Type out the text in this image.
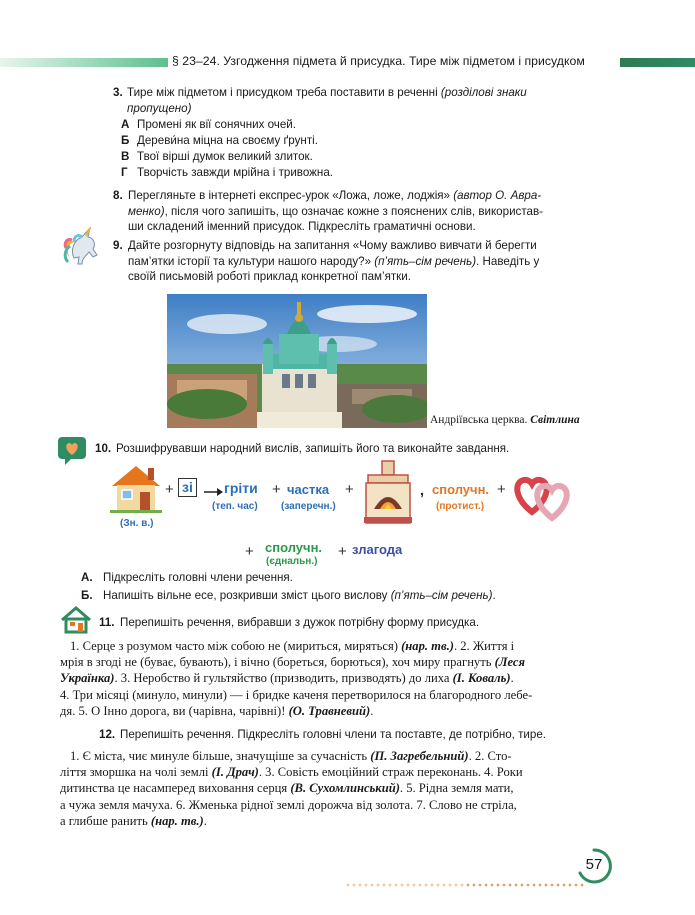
§ 23–24. Узгодження підмета й присудка. Тире між підметом і присудком
3. Тире між підметом і присудком треба поставити в реченні (розділові знаки пропущено)
А Промені як вії сонячних очей.
Б Дереви́на міцна на своєму ґрунті.
В Твої вірші думок великий злиток.
Г Творчість завжди мрійна і тривожна.
8. Перегляньте в інтернеті експрес-урок «Ложа, ложе, лоджія» (автор О. Авра-
менко), після чого запишіть, що означає кожне з пояснених слів, використав-
ши складений іменний присудок. Підкресліть граматичні основи.
9. Дайте розгорнуту відповідь на запитання «Чому важливо вивчати й берегти
пам’ятки історії та культури нашого народу?» (п’ять–сім речень). Наведіть у
своїй письмовій роботі приклад конкретної пам’ятки.
Андріївська церква. Світлина
10. Розшифрувавши народний вислів, запишіть його та виконайте завдання.
(Зн. в.)
+ зі гріти
(теп. час)
+ частка
(заперечн.)
+	, сполучн.
(протист.)
+
+ сполучн.
(єднальн.)
+ злагода
А. Підкресліть головні члени речення.
Б. Напишіть вільне есе, розкривши зміст цього вислову (п’ять–сім речень).
11. Перепишіть речення, вибравши з дужок потрібну форму присудка.
1. Серце з розумом часто між собою не (мириться, миряться) (нар. тв.). 2. Життя і
мрія в згоді не (буває, бувають), і вічно (бореться, борються), хоч миру прагнуть (Леся
Українка). 3. Неробство й гультяйство (призводить, призводять) до лиха (І. Коваль).
4. Три місяці (минуло, минули) — і бридке каченя перетворилося на благородного лебе-
дя. 5. О Інно дорога, ви (чарівна, чарівні)! (О. Травневий).
12. Перепишіть речення. Підкресліть головні члени та поставте, де потрібно, тире.
1. Є міста, чиє минуле більше, значущіше за сучасність (П. Загребельний). 2. Сто-
ліття зморшка на чолі землі (І. Драч). 3. Совість емоційний страж переконань. 4. Роки
дитинства це насамперед виховання серця (В. Сухомлинський). 5. Рідна земля мати,
а чужа земля мачуха. 6. Жменька рідної землі дорожча від золота. 7. Слово не стріла,
а глибше ранить (нар. тв.).
57
